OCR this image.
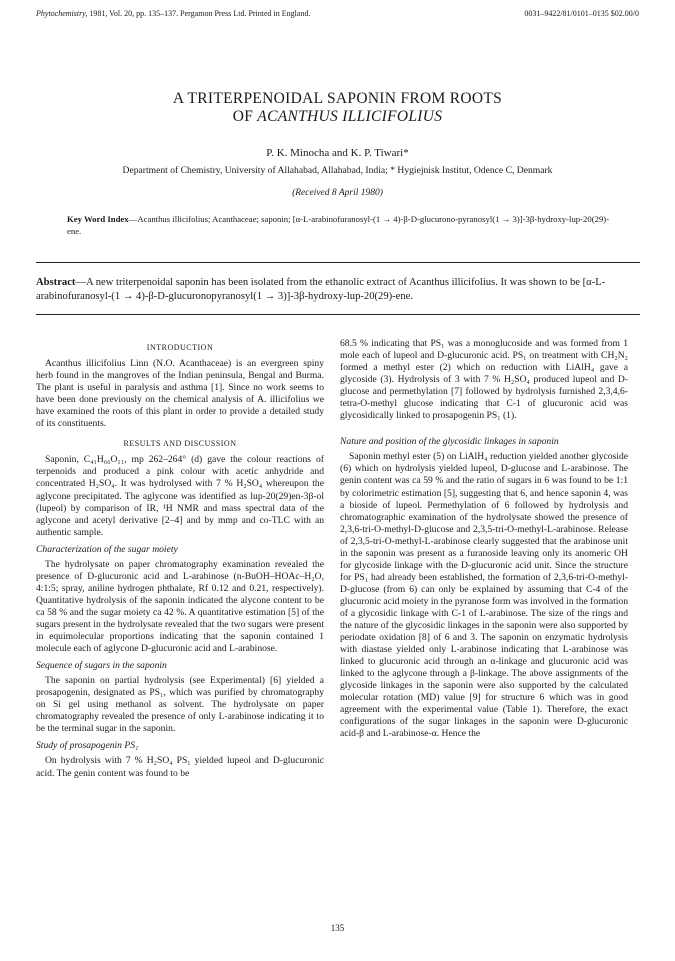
Phytochemistry, 1981, Vol. 20, pp. 135–137. Pergamon Press Ltd. Printed in England.	0031–9422/81/0101–0135 $02.00/0
A TRITERPENOIDAL SAPONIN FROM ROOTS
OF ACANTHUS ILLICIFOLIUS
P. K. Minocha and K. P. Tiwari*
Department of Chemistry, University of Allahabad, Allahabad, India; * Hygiejnisk Institut, Odence C, Denmark
(Received 8 April 1980)
Key Word Index—Acanthus illicifolius; Acanthaceae; saponin; [α-L-arabinofuranosyl-(1 → 4)-β-D-glucurono-pyranosyl(1 → 3)]-3β-hydroxy-lup-20(29)-ene.
Abstract—A new triterpenoidal saponin has been isolated from the ethanolic extract of Acanthus illicifolius. It was shown to be [α-L-arabinofuranosyl-(1 → 4)-β-D-glucuronopyranosyl(1 → 3)]-3β-hydroxy-lup-20(29)-ene.
INTRODUCTION

Acanthus illicifolius Linn (N.O. Acanthaceae) is an evergreen spiny herb found in the mangroves of the Indian peninsula, Bengal and Burma. The plant is useful in paralysis and asthma [1]. Since no work seems to have been done previously on the chemical analysis of A. illicifolius we have examined the roots of this plant in order to provide a detailed study of its constituents.

RESULTS AND DISCUSSION

Saponin, C₄₁H₆₆O₁₁, mp 262–264° (d) gave the colour reactions of terpenoids and produced a pink colour with acetic anhydride and concentrated H₂SO₄. It was hydrolysed with 7 % H₂SO₄ whereupon the aglycone precipitated. The aglycone was identified as lup-20(29)en-3β-ol (lupeol) by comparison of IR, ¹H NMR and mass spectral data of the aglycone and acetyl derivative [2–4] and by mmp and co-TLC with an authentic sample.

Characterization of the sugar moiety

The hydrolysate on paper chromatography examination revealed the presence of D-glucuronic acid and L-arabinose (n-BuOH–HOAc–H₂O, 4:1:5; spray, aniline hydrogen phthalate, Rf 0.12 and 0.21, respectively). Quantitative hydrolysis of the saponin indicated the alycone content to be ca 58 % and the sugar moiety ca 42 %. A quantitative estimation [5] of the sugars present in the hydrolysate revealed that the two sugars were present in equimolecular proportions indicating that the saponin contained 1 molecule each of aglycone D-glucuronic acid and L-arabinose.

Sequence of sugars in the saponin

The saponin on partial hydrolysis (see Experimental) [6] yielded a prosapogenin, designated as PS₁, which was purified by chromatography on Si gel using methanol as solvent. The hydrolysate on paper chromatography revealed the presence of only L-arabinose indicating it to be the terminal sugar in the saponin.

Study of prosapogenin PS₁

On hydrolysis with 7 % H₂SO₄ PS₁ yielded lupeol and D-glucuronic acid. The genin content was found to be

68.5 % indicating that PS₁ was a monoglucoside and was formed from 1 mole each of lupeol and D-glucuronic acid. PS₁ on treatment with CH₂N₂ formed a methyl ester (2) which on reduction with LiAlH₄ gave a glycoside (3). Hydrolysis of 3 with 7 % H₂SO₄ produced lupeol and D-glucose and permethylation [7] followed by hydrolysis furnished 2,3,4,6-tetra-O-methyl glucose indicating that C-1 of glucuronic acid was glycosidically linked to prosapogenin PS₁ (1).

Nature and position of the glycosidic linkages in saponin

Saponin methyl ester (5) on LiAlH₄ reduction yielded another glycoside (6) which on hydrolysis yielded lupeol, D-glucose and L-arabinose. The genin content was ca 59 % and the ratio of sugars in 6 was found to be 1:1 by colorimetric estimation [5], suggesting that 6, and hence saponin 4, was a bioside of lupeol. Permethylation of 6 followed by hydrolysis and chromatographic examination of the hydrolysate showed the presence of 2,3,6-tri-O-methyl-D-glucose and 2,3,5-tri-O-methyl-L-arabinose. Release of 2,3,5-tri-O-methyl-L-arabinose clearly suggested that the arabinose unit in the saponin was present as a furanoside leaving only its anomeric OH for glycoside linkage with the D-glucuronic acid unit. Since the structure for PS₁ had already been established, the formation of 2,3,6-tri-O-methyl-D-glucose (from 6) can only be explained by assuming that C-4 of the glucuronic acid moiety in the pyranose form was involved in the formation of a glycosidic linkage with C-1 of L-arabinose. The size of the rings and the nature of the glycosidic linkages in the saponin were also supported by periodate oxidation [8] of 6 and 3. The saponin on enzymatic hydrolysis with diastase yielded only L-arabinose indicating that L-arabinose was linked to glucuronic acid through an α-linkage and glucuronic acid was linked to the aglycone through a β-linkage. The above assignments of the glycoside linkages in the saponin were also supported by the calculated molecular rotation (MD) value [9] for structure 6 which was in good agreement with the experimental value (Table 1). Therefore, the exact configurations of the sugar linkages in the saponin were D-glucuronic acid-β and L-arabinose-α. Hence the

135
